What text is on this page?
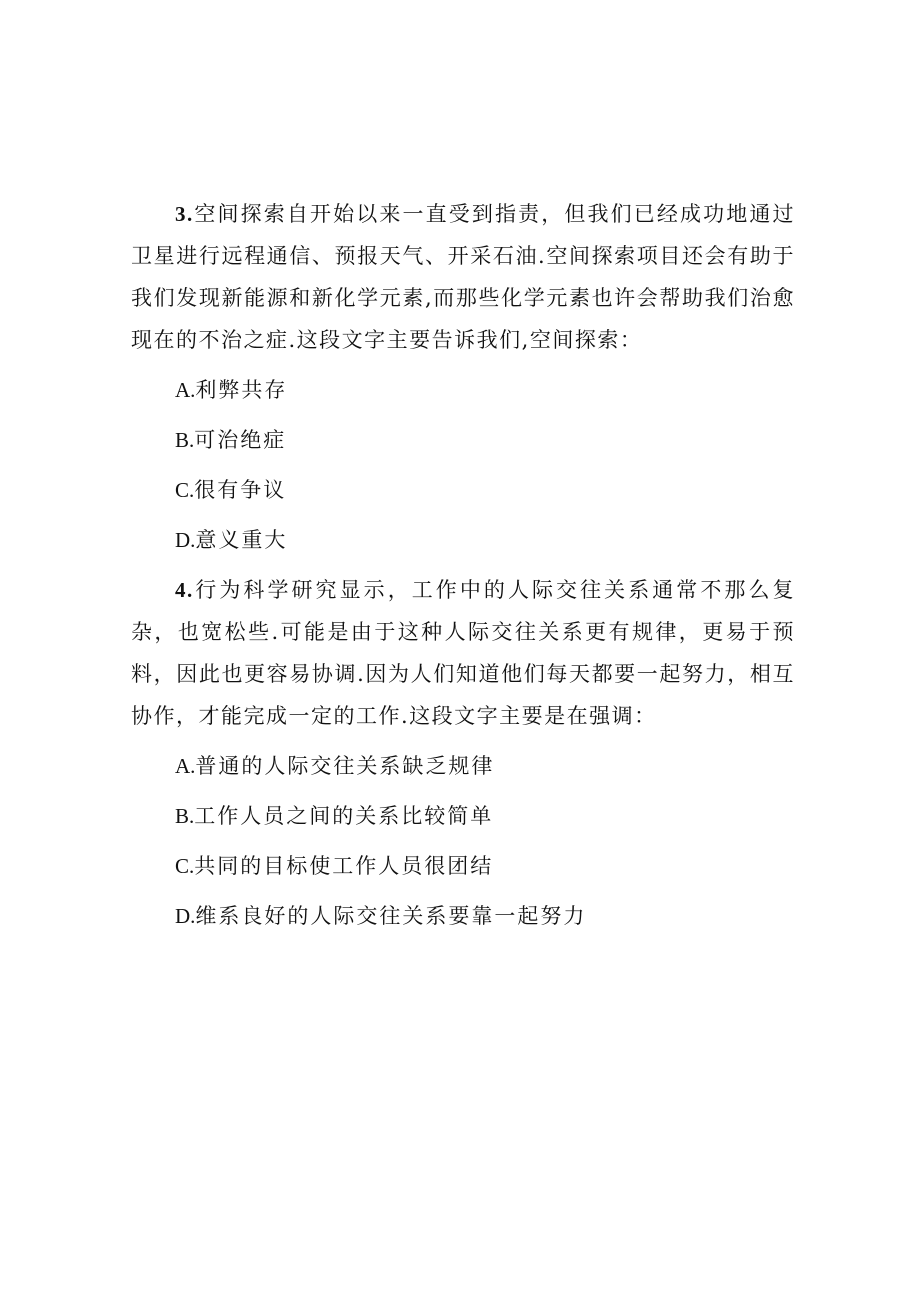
3.空间探索自开始以来一直受到指责，但我们已经成功地通过卫星进行远程通信、预报天气、开采石油.空间探索项目还会有助于我们发现新能源和新化学元素,而那些化学元素也许会帮助我们治愈现在的不治之症.这段文字主要告诉我们,空间探索：

A.利弊共存
B.可治绝症
C.很有争议
D.意义重大

4.行为科学研究显示，工作中的人际交往关系通常不那么复杂，也宽松些.可能是由于这种人际交往关系更有规律，更易于预料，因此也更容易协调.因为人们知道他们每天都要一起努力，相互协作，才能完成一定的工作.这段文字主要是在强调：

A.普通的人际交往关系缺乏规律
B.工作人员之间的关系比较简单
C.共同的目标使工作人员很团结
D.维系良好的人际交往关系要靠一起努力
